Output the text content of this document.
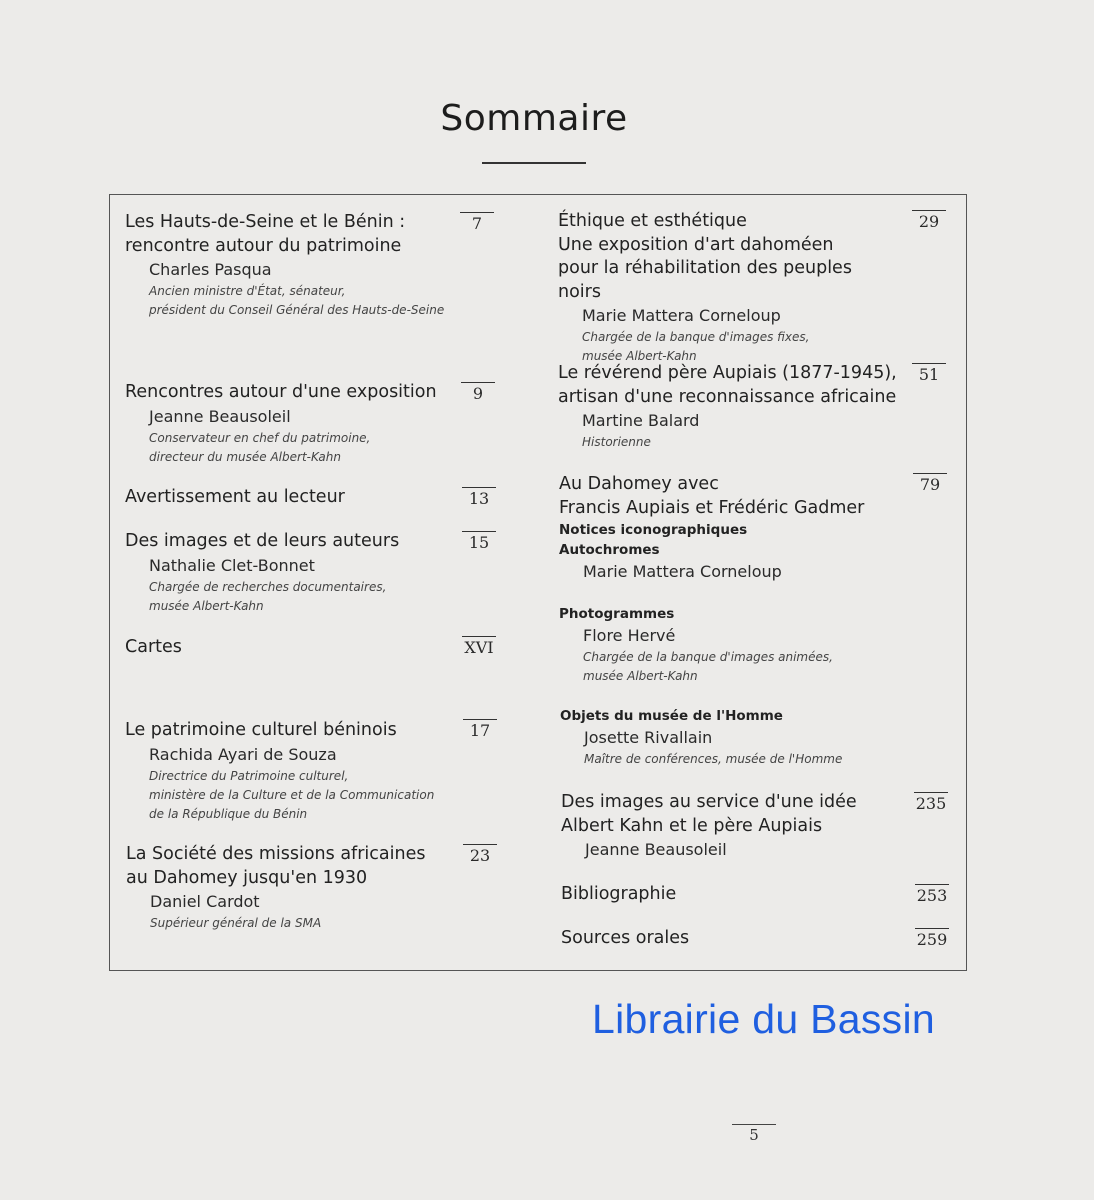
Sommaire
Les Hauts-de-Seine et le Bénin :
rencontre autour du patrimoine
Charles Pasqua
Ancien ministre d'État, sénateur,
président du Conseil Général des Hauts-de-Seine
7
Rencontres autour d'une exposition
Jeanne Beausoleil
Conservateur en chef du patrimoine,
directeur du musée Albert-Kahn
9
Avertissement au lecteur	13
Des images et de leurs auteurs
Nathalie Clet-Bonnet
Chargée de recherches documentaires,
musée Albert-Kahn
15
Cartes	XVI
Le patrimoine culturel béninois
Rachida Ayari de Souza
Directrice du Patrimoine culturel,
ministère de la Culture et de la Communication
de la République du Bénin
17
La Société des missions africaines
au Dahomey jusqu'en 1930
Daniel Cardot
Supérieur général de la SMA
23
Éthique et esthétique
Une exposition d'art dahoméen
pour la réhabilitation des peuples noirs
Marie Mattera Corneloup
Chargée de la banque d'images fixes,
musée Albert-Kahn
29
Le révérend père Aupiais (1877-1945),
artisan d'une reconnaissance africaine
Martine Balard
Historienne
51
Au Dahomey avec
Francis Aupiais et Frédéric Gadmer
Notices iconographiques
Autochromes
Marie Mattera Corneloup
79
Photogrammes
Flore Hervé
Chargée de la banque d'images animées,
musée Albert-Kahn
Objets du musée de l'Homme
Josette Rivallain
Maître de conférences, musée de l'Homme
Des images au service d'une idée
Albert Kahn et le père Aupiais
Jeanne Beausoleil
235
Bibliographie	253
Sources orales	259
Librairie du Bassin
5
